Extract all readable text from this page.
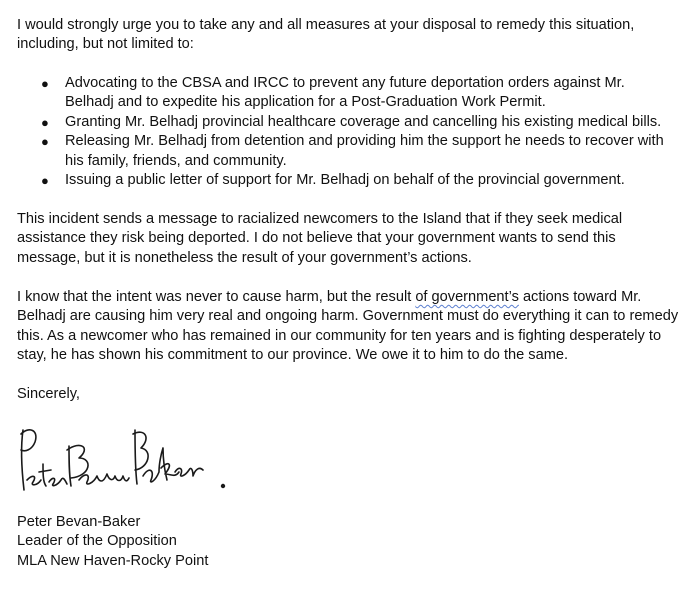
I would strongly urge you to take any and all measures at your disposal to remedy this situation, including, but not limited to:

● Advocating to the CBSA and IRCC to prevent any future deportation orders against Mr. Belhadj and to expedite his application for a Post-Graduation Work Permit.
● Granting Mr. Belhadj provincial healthcare coverage and cancelling his existing medical bills.
● Releasing Mr. Belhadj from detention and providing him the support he needs to recover with his family, friends, and community.
● Issuing a public letter of support for Mr. Belhadj on behalf of the provincial government.

This incident sends a message to racialized newcomers to the Island that if they seek medical assistance they risk being deported. I do not believe that your government wants to send this message, but it is nonetheless the result of your government’s actions.

I know that the intent was never to cause harm, but the result of government’s actions toward Mr. Belhadj are causing him very real and ongoing harm. Government must do everything it can to remedy this. As a newcomer who has remained in our community for ten years and is fighting desperately to stay, he has shown his commitment to our province. We owe it to him to do the same.

Sincerely,

Peter Bevan-Baker
Leader of the Opposition
MLA New Haven-Rocky Point
